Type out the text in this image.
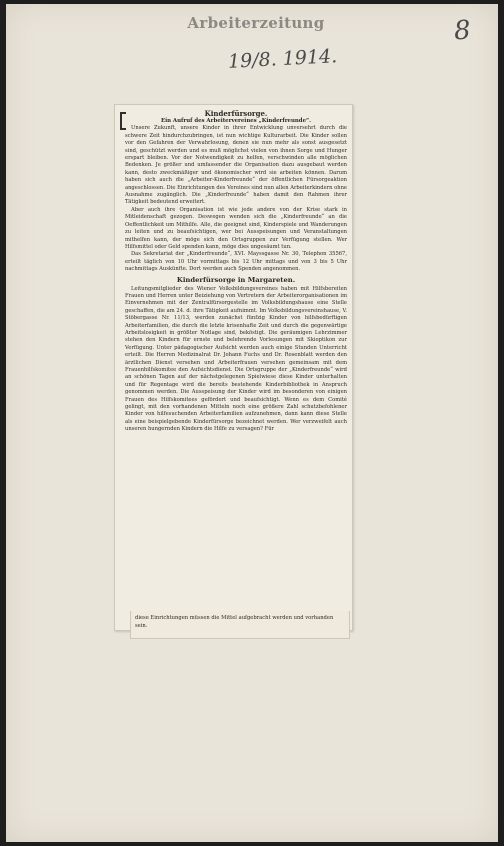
Arbeiterzeitung	8
19/8. 1914.
Kinderfürsorge.
Ein Aufruf des Arbeitervereines „Kinderfreunde“.

Unsere Zukunft, unsere Kinder in ihrer Entwicklung unversehrt durch die schwere Zeit hindurchzubringen, ist nun wichtige Kulturarbeit. Die Kinder sollen vor den Gefahren der Verwahrlosung, denen sie nun mehr als sonst ausgesetzt sind, geschützt werden und es muß möglichst vielen von ihnen Sorge und Hunger erspart bleiben. Vor der Notwendigkeit zu helfen, verschwinden alle möglichen Bedenken. Je größer und umfassender die Organisation dazu ausgebaut werden kann, desto zweckmäßiger und ökonomischer wird sie arbeiten können. Darum haben sich auch die „Arbeiter-Kinderfreunde“ der öffentlichen Fürsorgeaktion angeschlossen. Die Einrichtungen des Vereines sind nun allen Arbeiterkindern ohne Ausnahme zugänglich. Die „Kinderfreunde“ haben damit den Rahmen ihrer Tätigkeit bedeutend erweitert.

Aber auch ihre Organisation ist wie jede andere von der Krise stark in Mitleidenschaft gezogen. Deswegen wenden sich die „Kinderfreunde“ an die Oeffentlichkeit um Mithilfe. Alle, die geeignet sind, Kinderspiele und Wanderungen zu leiten und zu beaufsichtigen, wer bei Ausspeisungen und Veranstaltungen mithelfen kann, der möge sich den Ortsgruppen zur Verfügung stellen. Wer Hilfsmittel oder Geld spenden kann, möge dies ungesäumt tun.

Das Sekretariat der „Kinderfreunde“, XVI. Mayssgasse Nr. 30, Telephon 35567, erteilt täglich von 10 Uhr vormittags bis 12 Uhr mittags und von 3 bis 5 Uhr nachmittags Auskünfte. Dort werden auch Spenden angenommen.

Kinderfürsorge in Margareten.

Leitungsmitglieder des Wiener Volksbildungsvereines haben mit Hilfsbereiten Frauen und Herren unter Beiziehung von Vertretern der Arbeiterorganisationen im Einvernehmen mit der Zentralfürsorgestelle im Volksbildungshause eine Stelle geschaffen, die am 24. d. ihre Tätigkeit aufnimmt. Im Volksbildungsvereinshause, V. Stöbergasse Nr. 11/13, werden zunächst fünfzig Kinder von hilfsbedürftigen Arbeiterfamilien, die durch die letzte krisenhafte Zeit und durch die gegenwärtige Arbeitslosigkeit in größter Notlage sind, beköstigt. Die geräumigen Lehrzimmer stehen den Kindern für ernste und belehrende Vorlesungen mit Skioptikon zur Verfügung. Unter pädagogischer Aufsicht werden auch einige Stunden Unterricht erteilt. Die Herren Medizinalrat Dr. Johann Fuchs und Dr. Rosenblatt werden den ärztlichen Dienst versehen und Arbeiterfrauen versehen gemeinsam mit dem Frauenhilfskomitee den Aufsichtsdienst. Die Ortsgruppe der „Kinderfreunde“ wird an schönen Tagen auf der nächstgelegenen Spielwiese diese Kinder unterhalten und für Regentage wird die bereits bestehende Kinderbibliothek in Anspruch genommen werden. Die Ausspeisung der Kinder wird im besonderen von einigen Frauen des Hilfskomitees gefördert und beaufsichtigt. Wenn es dem Comité gelingt, mit den vorhandenen Mitteln noch eine größere Zahl schutzbefohlener Kinder von hilfesuchenden Arbeiterfamilien aufzunehmen, dann kann diese Stelle als eine beispielgebende Kinderfürsorge bezeichnet werden. Wer verzweifelt auch unseren hungernden Kindern die Hilfe zu versagen? Für

diese Einrichtungen müssen die Mittel aufgebracht werden und vorhanden sein.
